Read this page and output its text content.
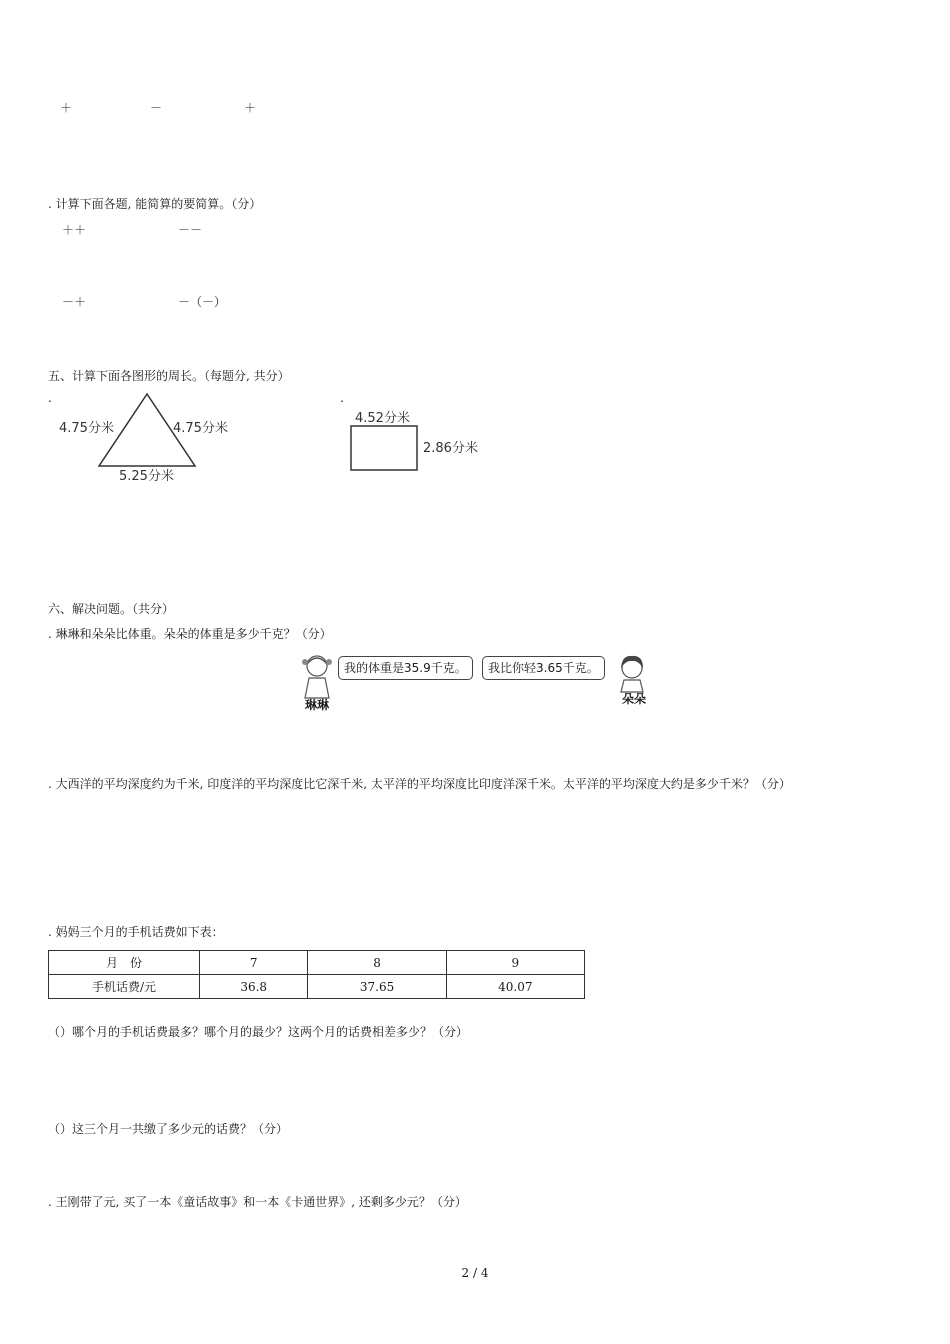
＋	－	＋
. 计算下面各题, 能简算的要简算。（分）
＋＋	－－
－＋	－（－）
五、计算下面各图形的周长。（每题分, 共分）
.	.
4.75分米	4.75分米
5.25分米
4.52分米
2.86分米
六、解决问题。（共分）
. 琳琳和朵朵比体重。朵朵的体重是多少千克？（分）
琳琳
我的体重是35.9千克。	我比你轻3.65千克。
朵朵
. 大西洋的平均深度约为千米, 印度洋的平均深度比它深千米, 太平洋的平均深度比印度洋深千米。太平洋的平均深度大约是多少千米？（分）
. 妈妈三个月的手机话费如下表：
月　份	7	8	9
手机话费/元	36.8	37.65	40.07
（）哪个月的手机话费最多？哪个月的最少？这两个月的话费相差多少？（分）
（）这三个月一共缴了多少元的话费？（分）
. 王刚带了元, 买了一本《童话故事》和一本《卡通世界》, 还剩多少元？（分）
2 / 4
